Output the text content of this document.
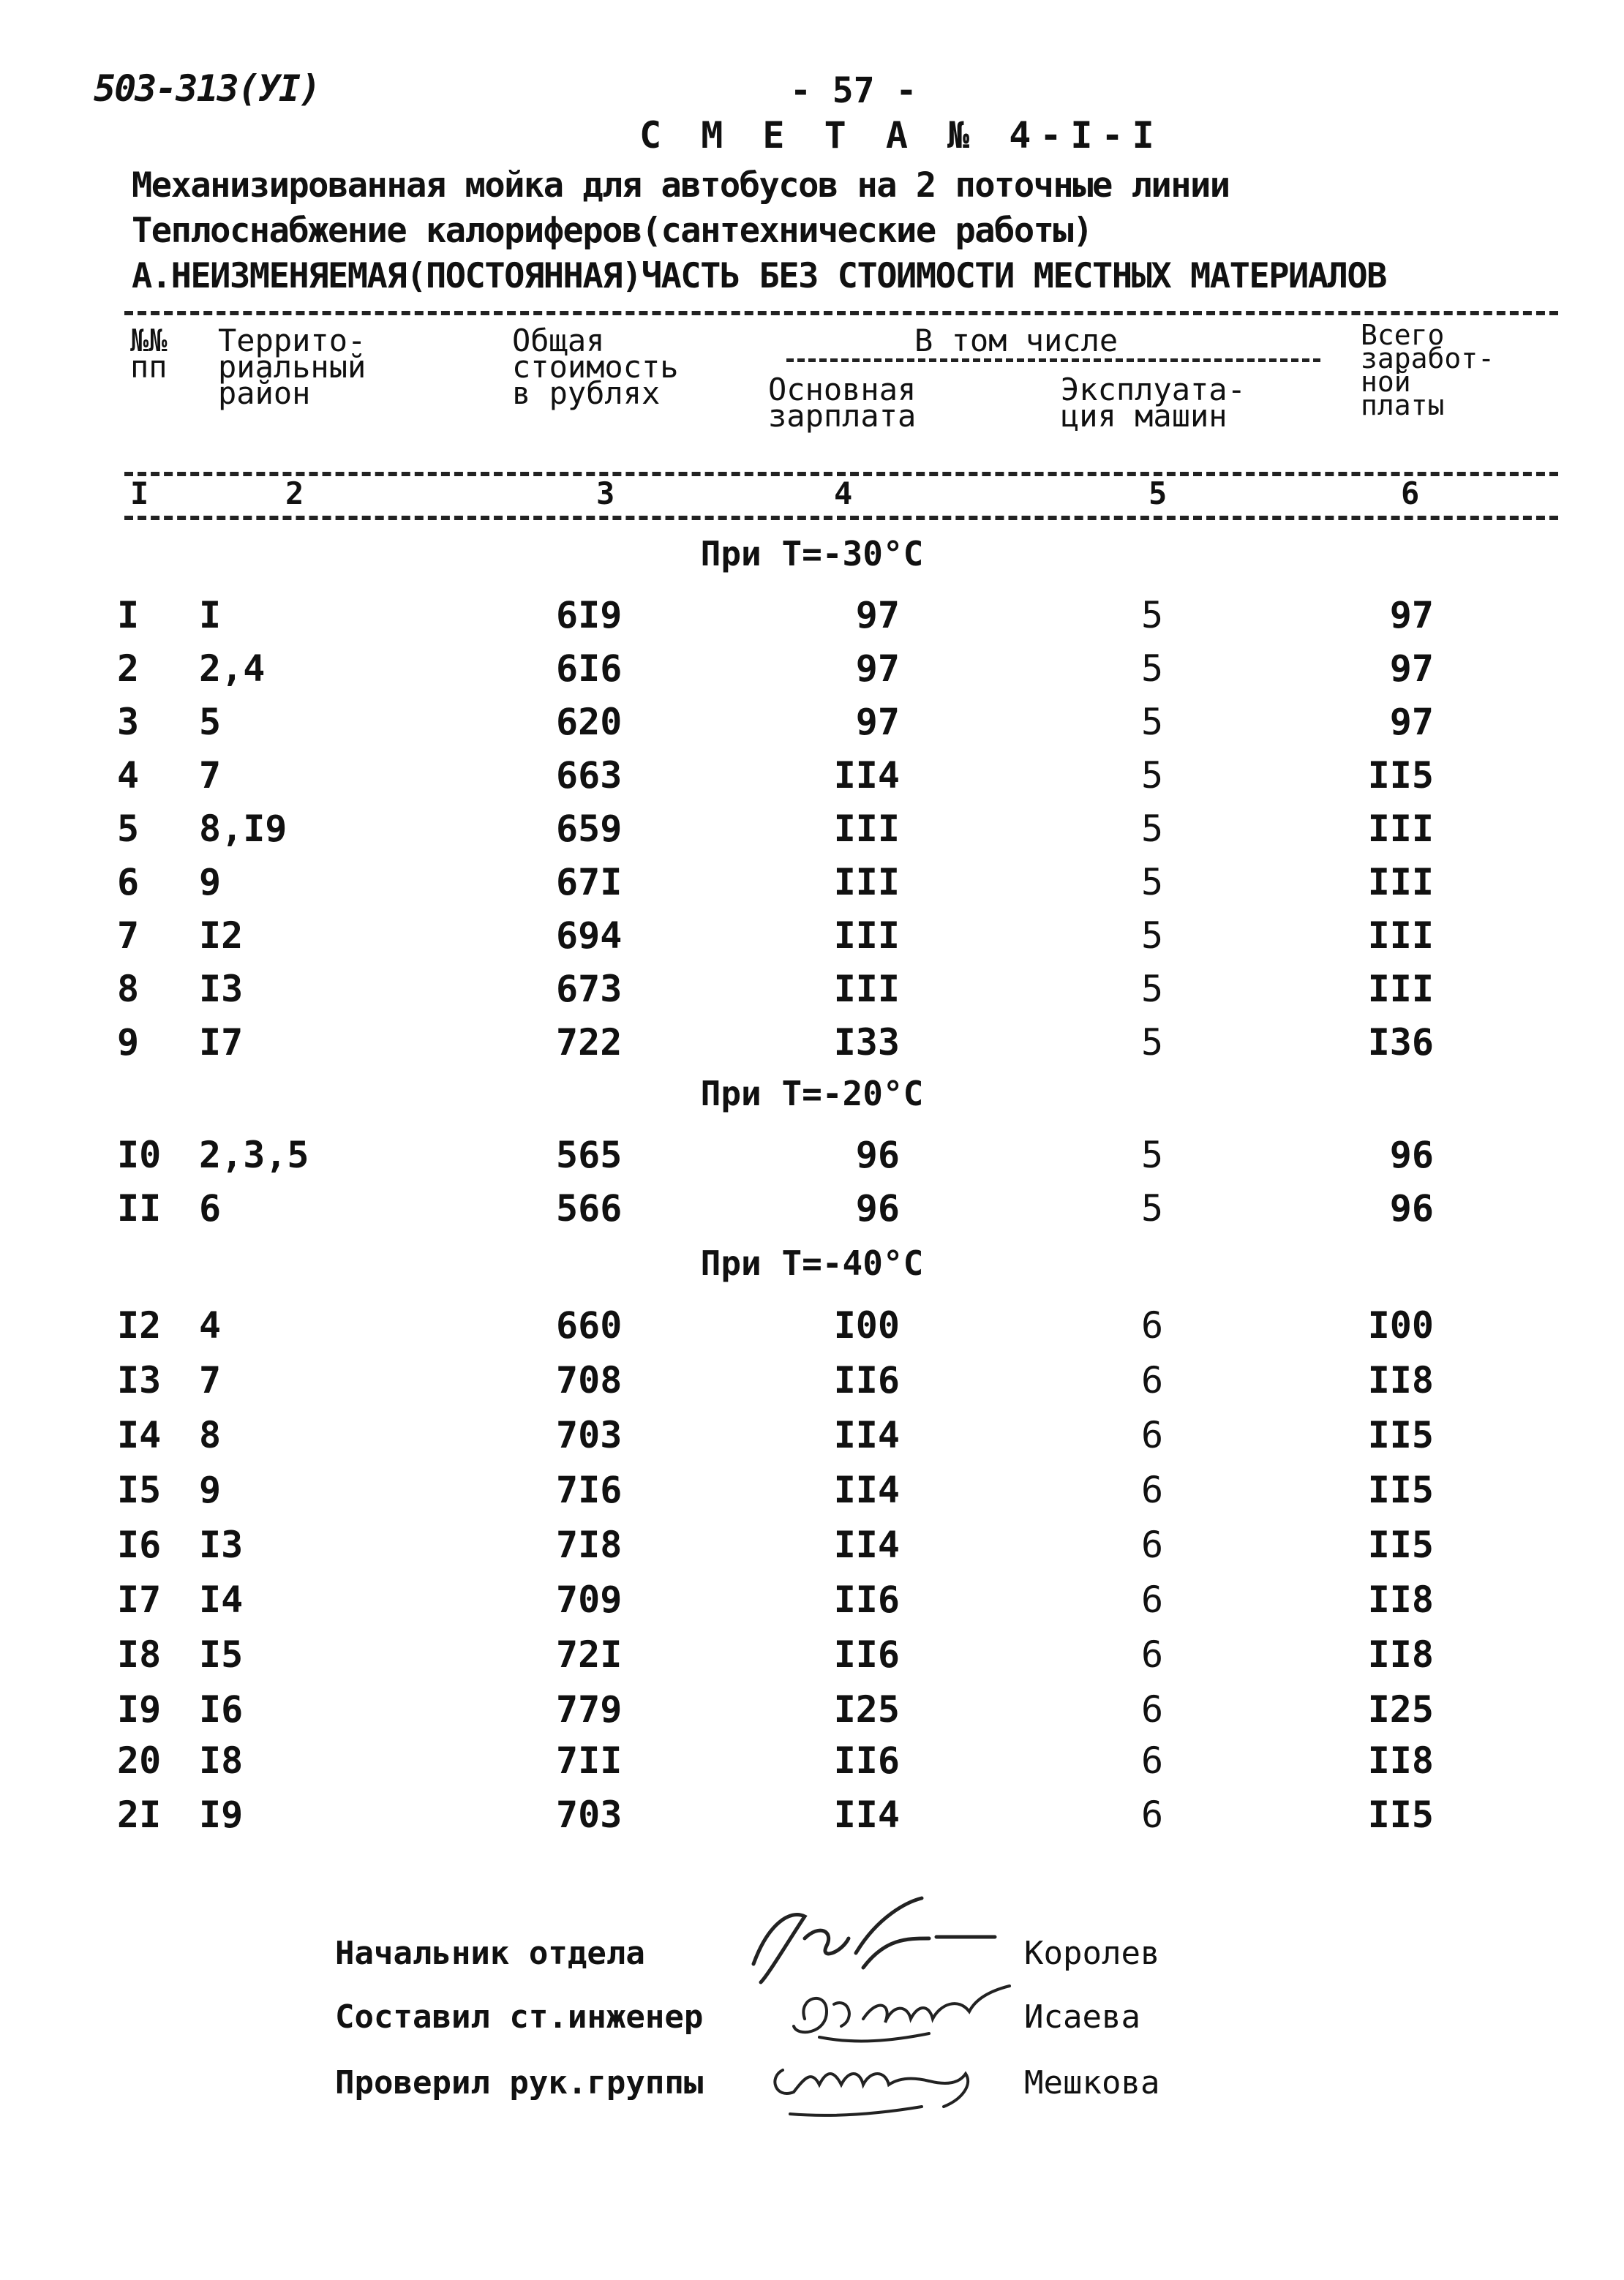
503-313(УI)	- 57 -
С М Е Т А № 4-I-I
Механизированная мойка для автобусов на 2 поточные линии
Теплоснабжение калориферов(сантехнические работы)
А.НЕИЗМЕНЯЕМАЯ(ПОСТОЯННАЯ)ЧАСТЬ БЕЗ СТОИМОСТИ МЕСТНЫХ МАТЕРИАЛОВ
№№
пп
Террито-
риальный
район
Общая
стоимость
в рублях
В том числе
Основная
зарплата
Эксплуата-
ция машин
Всего
заработ-
ной
платы
I	2	3	4	5	6
При Т=-30°С
I I	6I9	97	5	97
2 2,4	6I6	97	5	97
3 5	620	97	5	97
4 7	663	II4	5	II5
5 8,I9	659	III	5	III
6 9	67I	III	5	III
7 I2	694	III	5	III
8 I3	673	III	5	III
9 I7	722	I33	5	I36
При Т=-20°С
I0 2,3,5	565	96	5	96
II 6	566	96	5	96
При Т=-40°С
I2 4	660	I00	6	I00
I3 7	708	II6	6	II8
I4 8	703	II4	6	II5
I5 9	7I6	II4	6	II5
I6 I3	7I8	II4	6	II5
I7 I4	709	II6	6	II8
I8 I5	72I	II6	6	II8
I9 I6	779	I25	6	I25
20 I8	7II	II6	6	II8
2I I9	703	II4	6	II5
Начальник отдела	Королев
Составил ст.инженер	Исаева
Проверил рук.группы	Мешкова
